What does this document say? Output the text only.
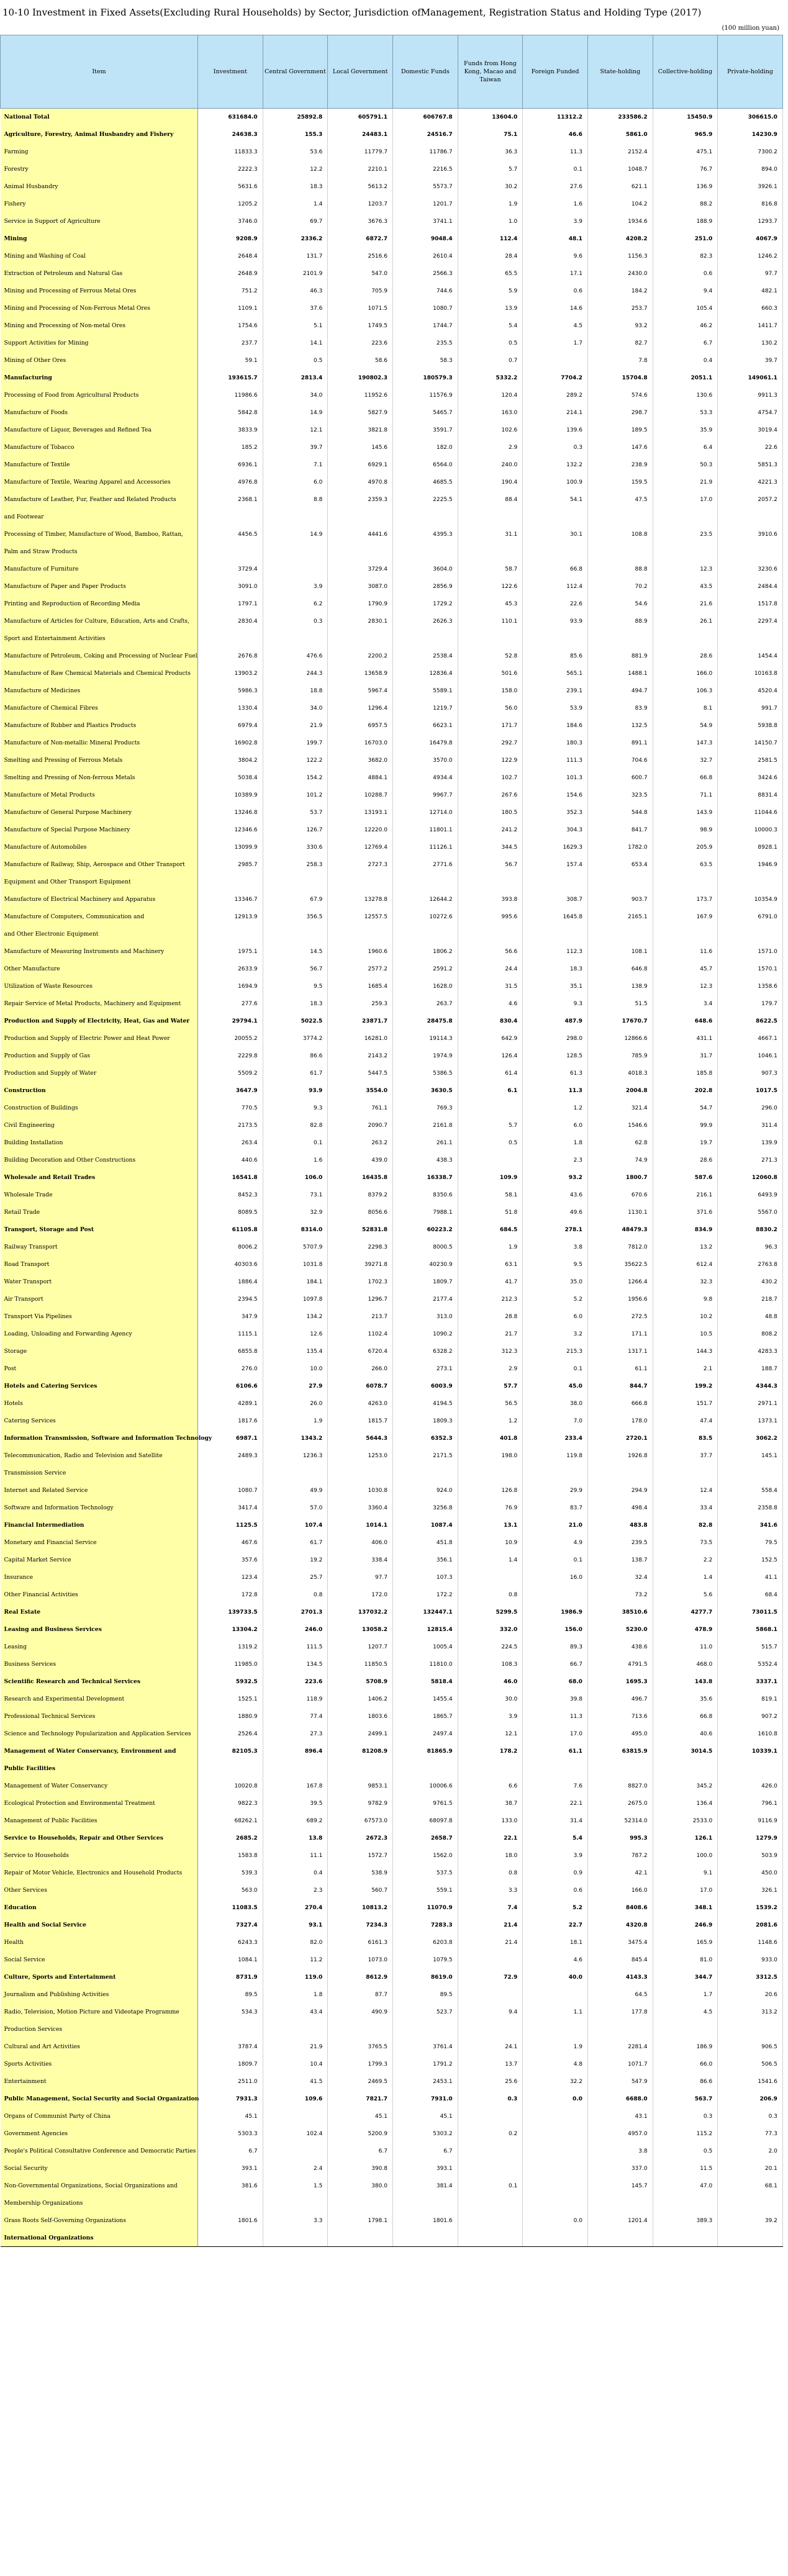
10-10 Investment in Fixed Assets(Excluding Rural Households) by Sector, Jurisdiction ofManagement, Registration Status and Holding Type (2017)
(100 million yuan)
Item	Investment	Central Government	Local Government	Domestic Funds	Funds from Hong Kong, Macao and Taiwan	Foreign Funded	State-holding	Collective-holding	Private-holding
National Total	631684.0	25892.8	605791.1	606767.8	13604.0	11312.2	233586.2	15450.9	306615.0
Agriculture, Forestry, Animal Husbandry and Fishery	24638.3	155.3	24483.1	24516.7	75.1	46.6	5861.0	965.9	14230.9
Farming	11833.3	53.6	11779.7	11786.7	36.3	11.3	2152.4	475.1	7300.2
Forestry	2222.3	12.2	2210.1	2216.5	5.7	0.1	1048.7	76.7	894.0
Animal Husbandry	5631.6	18.3	5613.2	5573.7	30.2	27.6	621.1	136.9	3926.1
Fishery	1205.2	1.4	1203.7	1201.7	1.9	1.6	104.2	88.2	816.8
Service in Support of Agriculture	3746.0	69.7	3676.3	3741.1	1.0	3.9	1934.6	188.9	1293.7
Mining	9208.9	2336.2	6872.7	9048.4	112.4	48.1	4208.2	251.0	4067.9
Mining and Washing of Coal	2648.4	131.7	2516.6	2610.4	28.4	9.6	1156.3	82.3	1246.2
Extraction of Petroleum and Natural Gas	2648.9	2101.9	547.0	2566.3	65.5	17.1	2430.0	0.6	97.7
Mining and Processing of Ferrous Metal Ores	751.2	46.3	705.9	744.6	5.9	0.6	184.2	9.4	482.1
Mining and Processing of Non-Ferrous Metal Ores	1109.1	37.6	1071.5	1080.7	13.9	14.6	253.7	105.4	660.3
Mining and Processing of Non-metal Ores	1754.6	5.1	1749.5	1744.7	5.4	4.5	93.2	46.2	1411.7
Support Activities for Mining	237.7	14.1	223.6	235.5	0.5	1.7	82.7	6.7	130.2
Mining of Other Ores	59.1	0.5	58.6	58.3	0.7		7.8	0.4	39.7
Manufacturing	193615.7	2813.4	190802.3	180579.3	5332.2	7704.2	15704.8	2051.1	149061.1
Processing of Food from Agricultural Products	11986.6	34.0	11952.6	11576.9	120.4	289.2	574.6	130.6	9911.3
Manufacture of Foods	5842.8	14.9	5827.9	5465.7	163.0	214.1	298.7	53.3	4754.7
Manufacture of Liquor, Beverages and Refined Tea	3833.9	12.1	3821.8	3591.7	102.6	139.6	189.5	35.9	3019.4
Manufacture of Tobacco	185.2	39.7	145.6	182.0	2.9	0.3	147.6	6.4	22.6
Manufacture of Textile	6936.1	7.1	6929.1	6564.0	240.0	132.2	238.9	50.3	5851.3
Manufacture of Textile, Wearing Apparel and Accessories	4976.8	6.0	4970.8	4685.5	190.4	100.9	159.5	21.9	4221.3
Manufacture of Leather, Fur, Feather and Related Products	2368.1	8.8	2359.3	2225.5	88.4	54.1	47.5	17.0	2057.2
and Footwear									
Processing of Timber, Manufacture of Wood, Bamboo, Rattan,	4456.5	14.9	4441.6	4395.3	31.1	30.1	108.8	23.5	3910.6
Palm and Straw Products									
Manufacture of Furniture	3729.4		3729.4	3604.0	58.7	66.8	88.8	12.3	3230.6
Manufacture of Paper and Paper Products	3091.0	3.9	3087.0	2856.9	122.6	112.4	70.2	43.5	2484.4
Printing and Reproduction of Recording Media	1797.1	6.2	1790.9	1729.2	45.3	22.6	54.6	21.6	1517.8
Manufacture of Articles for Culture, Education, Arts and Crafts,	2830.4	0.3	2830.1	2626.3	110.1	93.9	88.9	26.1	2297.4
Sport and Entertainment Activities									
Manufacture of Petroleum, Coking and Processing of Nuclear Fuel	2676.8	476.6	2200.2	2538.4	52.8	85.6	881.9	28.6	1454.4
Manufacture of Raw Chemical Materials and Chemical Products	13903.2	244.3	13658.9	12836.4	501.6	565.1	1488.1	166.0	10163.8
Manufacture of Medicines	5986.3	18.8	5967.4	5589.1	158.0	239.1	494.7	106.3	4520.4
Manufacture of Chemical Fibres	1330.4	34.0	1296.4	1219.7	56.0	53.9	83.9	8.1	991.7
Manufacture of Rubber and Plastics Products	6979.4	21.9	6957.5	6623.1	171.7	184.6	132.5	54.9	5938.8
Manufacture of Non-metallic Mineral Products	16902.8	199.7	16703.0	16479.8	292.7	180.3	891.1	147.3	14150.7
Smelting and Pressing of Ferrous Metals	3804.2	122.2	3682.0	3570.0	122.9	111.3	704.6	32.7	2581.5
Smelting and Pressing of Non-ferrous Metals	5038.4	154.2	4884.1	4934.4	102.7	101.3	600.7	66.8	3424.6
Manufacture of Metal Products	10389.9	101.2	10288.7	9967.7	267.6	154.6	323.5	71.1	8831.4
Manufacture of General Purpose Machinery	13246.8	53.7	13193.1	12714.0	180.5	352.3	544.8	143.9	11044.6
Manufacture of Special Purpose Machinery	12346.6	126.7	12220.0	11801.1	241.2	304.3	841.7	98.9	10000.3
Manufacture of Automobiles	13099.9	330.6	12769.4	11126.1	344.5	1629.3	1782.0	205.9	8928.1
Manufacture of Railway, Ship, Aerospace and Other Transport	2985.7	258.3	2727.3	2771.6	56.7	157.4	653.4	63.5	1946.9
Equipment and Other Transport Equipment									
Manufacture of Electrical Machinery and Apparatus	13346.7	67.9	13278.8	12644.2	393.8	308.7	903.7	173.7	10354.9
Manufacture of Computers, Communication and	12913.9	356.5	12557.5	10272.6	995.6	1645.8	2165.1	167.9	6791.0
and Other Electronic Equipment									
Manufacture of Measuring Instruments and Machinery	1975.1	14.5	1960.6	1806.2	56.6	112.3	108.1	11.6	1571.0
Other Manufacture	2633.9	56.7	2577.2	2591.2	24.4	18.3	646.8	45.7	1570.1
Utilization of Waste Resources	1694.9	9.5	1685.4	1628.0	31.5	35.1	138.9	12.3	1358.6
Repair Service of Metal Products, Machinery and Equipment	277.6	18.3	259.3	263.7	4.6	9.3	51.5	3.4	179.7
Production and Supply of Electricity, Heat, Gas and Water	29794.1	5022.5	23871.7	28475.8	830.4	487.9	17670.7	648.6	8622.5
Production and Supply of Electric Power and Heat Power	20055.2	3774.2	16281.0	19114.3	642.9	298.0	12866.6	431.1	4667.1
Production and Supply of Gas	2229.8	86.6	2143.2	1974.9	126.4	128.5	785.9	31.7	1046.1
Production and Supply of Water	5509.2	61.7	5447.5	5386.5	61.4	61.3	4018.3	185.8	907.3
Construction	3647.9	93.9	3554.0	3630.5	6.1	11.3	2004.8	202.8	1017.5
Construction of Buildings	770.5	9.3	761.1	769.3		1.2	321.4	54.7	296.0
Civil Engineering	2173.5	82.8	2090.7	2161.8	5.7	6.0	1546.6	99.9	311.4
Building Installation	263.4	0.1	263.2	261.1	0.5	1.8	62.8	19.7	139.9
Building Decoration and Other Constructions	440.6	1.6	439.0	438.3		2.3	74.9	28.6	271.3
Wholesale and Retail Trades	16541.8	106.0	16435.8	16338.7	109.9	93.2	1800.7	587.6	12060.8
Wholesale Trade	8452.3	73.1	8379.2	8350.6	58.1	43.6	670.6	216.1	6493.9
Retail Trade	8089.5	32.9	8056.6	7988.1	51.8	49.6	1130.1	371.6	5567.0
Transport, Storage and Post	61105.8	8314.0	52831.8	60223.2	684.5	278.1	48479.3	834.9	8830.2
Railway Transport	8006.2	5707.9	2298.3	8000.5	1.9	3.8	7812.0	13.2	96.3
Road Transport	40303.6	1031.8	39271.8	40230.9	63.1	9.5	35622.5	612.4	2763.8
Water Transport	1886.4	184.1	1702.3	1809.7	41.7	35.0	1266.4	32.3	430.2
Air Transport	2394.5	1097.8	1296.7	2177.4	212.3	5.2	1956.6	9.8	218.7
Transport Via Pipelines	347.9	134.2	213.7	313.0	28.8	6.0	272.5	10.2	48.8
Loading, Unloading and Forwarding Agency	1115.1	12.6	1102.4	1090.2	21.7	3.2	171.1	10.5	808.2
Storage	6855.8	135.4	6720.4	6328.2	312.3	215.3	1317.1	144.3	4283.3
Post	276.0	10.0	266.0	273.1	2.9	0.1	61.1	2.1	188.7
Hotels and Catering Services	6106.6	27.9	6078.7	6003.9	57.7	45.0	844.7	199.2	4344.3
Hotels	4289.1	26.0	4263.0	4194.5	56.5	38.0	666.8	151.7	2971.1
Catering Services	1817.6	1.9	1815.7	1809.3	1.2	7.0	178.0	47.4	1373.1
Information Transmission, Software and Information Technology	6987.1	1343.2	5644.3	6352.3	401.8	233.4	2720.1	83.5	3062.2
Telecommunication, Radio and Television and Satellite	2489.3	1236.3	1253.0	2171.5	198.0	119.8	1926.8	37.7	145.1
Transmission Service									
Internet and Related Service	1080.7	49.9	1030.8	924.0	126.8	29.9	294.9	12.4	558.4
Software and Information Technology	3417.4	57.0	3360.4	3256.8	76.9	83.7	498.4	33.4	2358.8
Financial Intermediation	1125.5	107.4	1014.1	1087.4	13.1	21.0	483.8	82.8	341.6
Monetary and Financial Service	467.6	61.7	406.0	451.8	10.9	4.9	239.5	73.5	79.5
Capital Market Service	357.6	19.2	338.4	356.1	1.4	0.1	138.7	2.2	152.5
Insurance	123.4	25.7	97.7	107.3		16.0	32.4	1.4	41.1
Other Financial Activities	172.8	0.8	172.0	172.2	0.8		73.2	5.6	68.4
Real Estate	139733.5	2701.3	137032.2	132447.1	5299.5	1986.9	38510.6	4277.7	73011.5
Leasing and Business Services	13304.2	246.0	13058.2	12815.4	332.0	156.0	5230.0	478.9	5868.1
Leasing	1319.2	111.5	1207.7	1005.4	224.5	89.3	438.6	11.0	515.7
Business Services	11985.0	134.5	11850.5	11810.0	108.3	66.7	4791.5	468.0	5352.4
Scientific Research and Technical Services	5932.5	223.6	5708.9	5818.4	46.0	68.0	1695.3	143.8	3337.1
Research and Experimental Development	1525.1	118.9	1406.2	1455.4	30.0	39.8	496.7	35.6	819.1
Professional Technical Services	1880.9	77.4	1803.6	1865.7	3.9	11.3	713.6	66.8	907.2
Science and Technology Popularization and Application Services	2526.4	27.3	2499.1	2497.4	12.1	17.0	495.0	40.6	1610.8
Management of Water Conservancy, Environment and	82105.3	896.4	81208.9	81865.9	178.2	61.1	63815.9	3014.5	10339.1
Public Facilities									
Management of Water Conservancy	10020.8	167.8	9853.1	10006.6	6.6	7.6	8827.0	345.2	426.0
Ecological Protection and Environmental Treatment	9822.3	39.5	9782.9	9761.5	38.7	22.1	2675.0	136.4	796.1
Management of Public Facilities	68262.1	689.2	67573.0	68097.8	133.0	31.4	52314.0	2533.0	9116.9
Service to Households, Repair and Other Services	2685.2	13.8	2672.3	2658.7	22.1	5.4	995.3	126.1	1279.9
Service to Households	1583.8	11.1	1572.7	1562.0	18.0	3.9	787.2	100.0	503.9
Repair of Motor Vehicle, Electronics and Household Products	539.3	0.4	538.9	537.5	0.8	0.9	42.1	9.1	450.0
Other Services	563.0	2.3	560.7	559.1	3.3	0.6	166.0	17.0	326.1
Education	11083.5	270.4	10813.2	11070.9	7.4	5.2	8408.6	348.1	1539.2
Health and Social Service	7327.4	93.1	7234.3	7283.3	21.4	22.7	4320.8	246.9	2081.6
Health	6243.3	82.0	6161.3	6203.8	21.4	18.1	3475.4	165.9	1148.6
Social Service	1084.1	11.2	1073.0	1079.5		4.6	845.4	81.0	933.0
Culture, Sports and Entertainment	8731.9	119.0	8612.9	8619.0	72.9	40.0	4143.3	344.7	3312.5
Journalism and Publishing Activities	89.5	1.8	87.7	89.5			64.5	1.7	20.6
Radio, Television, Motion Picture and Videotape Programme	534.3	43.4	490.9	523.7	9.4	1.1	177.8	4.5	313.2
Production Services									
Cultural and Art Activities	3787.4	21.9	3765.5	3761.4	24.1	1.9	2281.4	186.9	906.5
Sports Activities	1809.7	10.4	1799.3	1791.2	13.7	4.8	1071.7	66.0	506.5
Entertainment	2511.0	41.5	2469.5	2453.1	25.6	32.2	547.9	86.6	1541.6
Public Management, Social Security and Social Organization	7931.3	109.6	7821.7	7931.0	0.3	0.0	6688.0	563.7	206.9
Organs of Communist Party of China	45.1		45.1	45.1			43.1	0.3	0.3
Government Agencies	5303.3	102.4	5200.9	5303.2	0.2		4957.0	115.2	77.3
People's Political Consultative Conference and Democratic Parties	6.7		6.7	6.7			3.8	0.5	2.0
Social Security	393.1	2.4	390.8	393.1			337.0	11.5	20.1
Non-Governmental Organizations, Social Organizations and	381.6	1.5	380.0	381.4	0.1		145.7	47.0	68.1
Membership Organizations									
Grass Roots Self-Governing Organizations	1801.6	3.3	1798.1	1801.6		0.0	1201.4	389.3	39.2
International Organizations									
